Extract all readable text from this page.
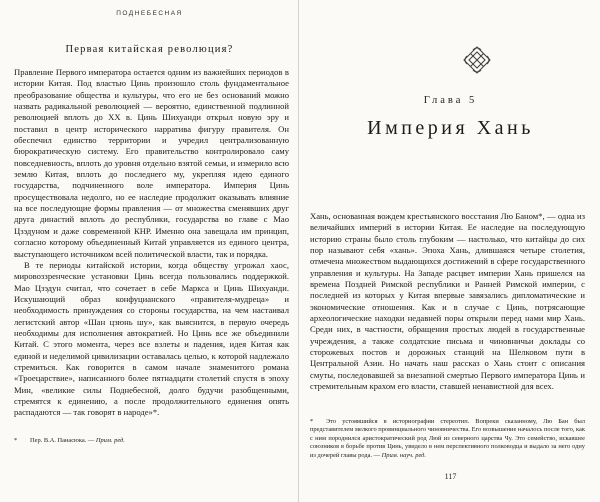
ПОДНЕБЕСНАЯ
Первая китайская революция?

Правление Первого императора остается одним из важнейших периодов в истории Китая. Под властью Цинь произошло столь фундаментальное преобразование общества и культуры, что его не без оснований можно назвать радикальной революцией — вероятно, единственной подлинной революцией вплоть до XX в. Цинь Шихуанди открыл новую эру и поставил в центр исторического нарратива фигуру правителя. Он обеспечил единство территории и учредил централизованную бюрократическую систему. Его правительство контролировало саму повседневность, вплоть до уровня отдельно взятой семьи, и измерило всю землю Китая, вплоть до последнего му, укрепляя идею единого государства, подчиненного воле императора. Империя Цинь просуществовала недолго, но ее наследие продолжит оказывать влияние на все последующие формы правления — от множества сменявших друг друга династий вплоть до республики, государства во главе с Мао Цзэдуном и даже современной КНР. Именно она завещала им принцип, согласно которому объединенный Китай управляется из единого центра, выступающего источником всей политической власти, так и порядка.

В те периоды китайской истории, когда обществу угрожал хаос, мировоззренческие установки Цинь всегда пользовались поддержкой. Мао Цзэдун считал, что сочетает в себе Маркса и Цинь Шихуанди. Искушающий образ конфуцианского «правителя-мудреца» и необходимость принуждения со стороны государства, на чем настаивал легистский автор «Шан цзюнь шу», как выяснится, в первую очередь необходимы для исполнения автократией. Но Цинь все же объединили Китай. С этого момента, через все взлеты и падения, идея Китая как единой и неделимой цивилизации оставалась целью, к которой надлежало стремиться. Как говорится в самом начале знаменитого романа «Троецарствие», написанного более пятнадцати столетий спустя в эпоху Мин, «великие силы Поднебесной, долго будучи разобщенными, стремятся к единению, а после продолжительного единения опять распадаются — так говорят в народе»*.

* Пер. В.А. Панасюка. — Прим. ред.
Глава 5
Империя Хань

Хань, основанная вождем крестьянского восстания Лю Баном*, — одна из величайших империй в истории Китая. Ее наследие на последующую историю страны было столь глубоким — настолько, что китайцы до сих пор называют себя «хань». Эпоха Хань, длившаяся четыре столетия, отмечена множеством выдающихся достижений в сфере государственного управления и культуры. На Западе расцвет империи Хань пришелся на времена Поздней Римской республики и Ранней Римской империи, с последней из которых у Китая впервые завязались дипломатические и экономические отношения. Как и в случае с Цинь, потрясающие археологические находки недавней поры открыли перед нами мир Хань. Среди них, в частности, обращения простых людей в государственные учреждения, а также солдатские письма и чиновничьи доклады со сторожевых постов и дорожных станций на Шелковом пути в Центральной Азии. Но начать наш рассказ о Хань стоит с описания смуты, последовавшей за внезапной смертью Первого императора Цинь и стремительным крахом его власти, ставшей ненавистной для всех.

* Это устоявшийся в историографии стереотип. Вопреки сказанному, Лю Бан был представителем мелкого провинциального чиновничества. Его возвышение началось после того, как с ним породнился аристократический род Люй из северного царства Чу. Это семейство, искавшее союзников в борьбе против Цинь, увидело в нем перспективного полководца и выдало за него одну из дочерей главы рода. — Прим. науч. ред.
117
